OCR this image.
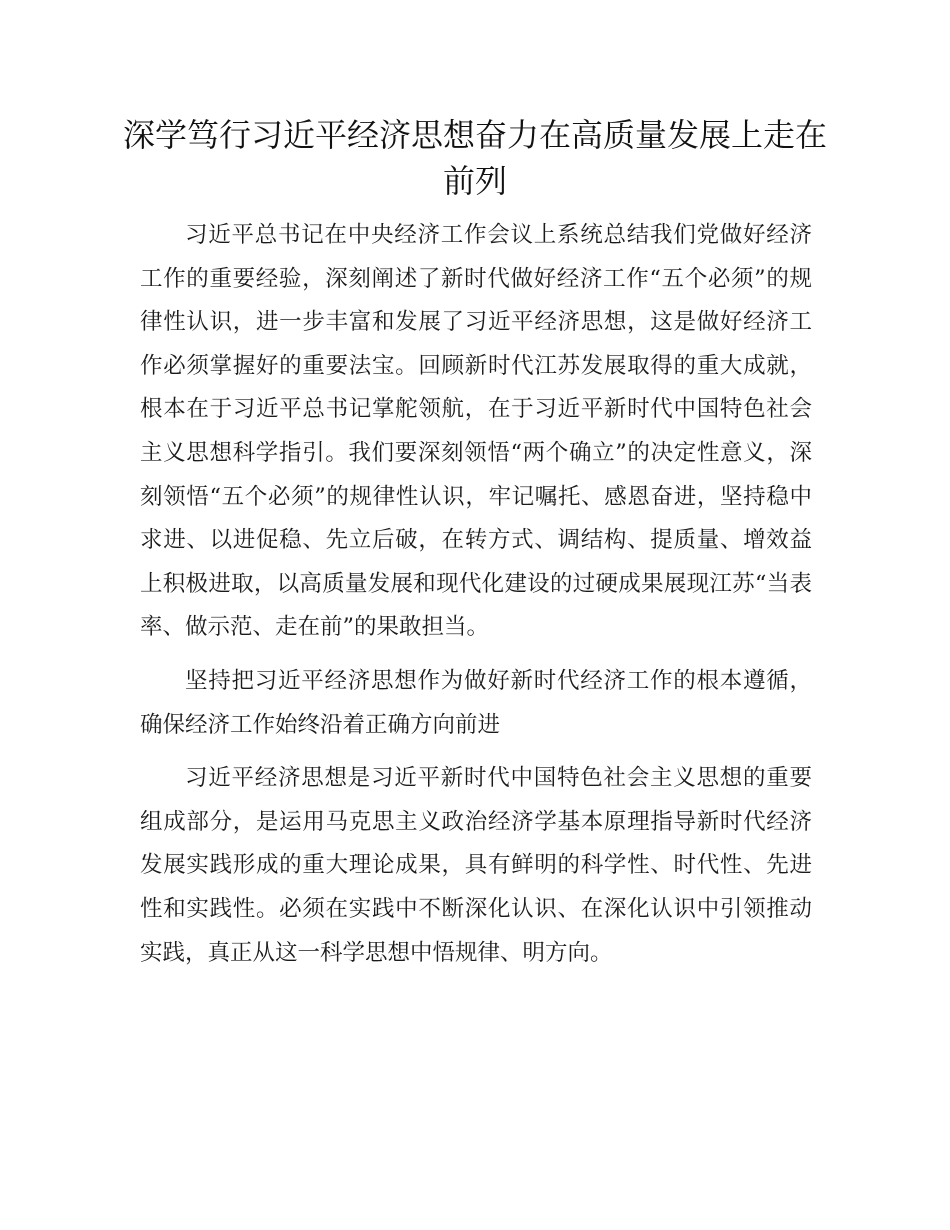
深学笃行习近平经济思想奋力在高质量发展上走在前列

习近平总书记在中央经济工作会议上系统总结我们党做好经济工作的重要经验，深刻阐述了新时代做好经济工作“五个必须”的规律性认识，进一步丰富和发展了习近平经济思想，这是做好经济工作必须掌握好的重要法宝。回顾新时代江苏发展取得的重大成就，根本在于习近平总书记掌舵领航，在于习近平新时代中国特色社会主义思想科学指引。我们要深刻领悟“两个确立”的决定性意义，深刻领悟“五个必须”的规律性认识，牢记嘱托、感恩奋进，坚持稳中求进、以进促稳、先立后破，在转方式、调结构、提质量、增效益上积极进取，以高质量发展和现代化建设的过硬成果展现江苏“当表率、做示范、走在前”的果敢担当。

坚持把习近平经济思想作为做好新时代经济工作的根本遵循，确保经济工作始终沿着正确方向前进

习近平经济思想是习近平新时代中国特色社会主义思想的重要组成部分，是运用马克思主义政治经济学基本原理指导新时代经济发展实践形成的重大理论成果，具有鲜明的科学性、时代性、先进性和实践性。必须在实践中不断深化认识、在深化认识中引领推动实践，真正从这一科学思想中悟规律、明方向。
